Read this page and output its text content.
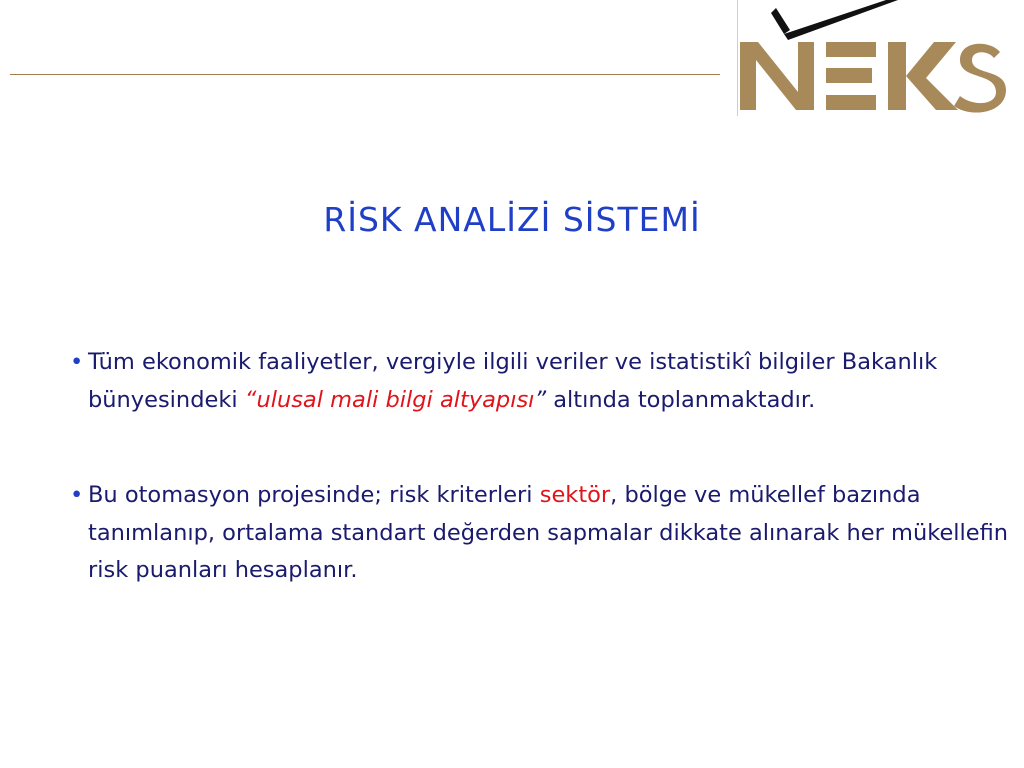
RİSK ANALİZİ SİSTEMİ
• Tüm ekonomik faaliyetler, vergiyle ilgili veriler ve istatistikî bilgiler Bakanlık bünyesindeki “ulusal mali bilgi altyapısı” altında toplanmaktadır.
• Bu otomasyon projesinde; risk kriterleri sektör, bölge ve mükellef bazında tanımlanıp, ortalama standart değerden sapmalar dikkate alınarak her mükellefin risk puanları hesaplanır.
